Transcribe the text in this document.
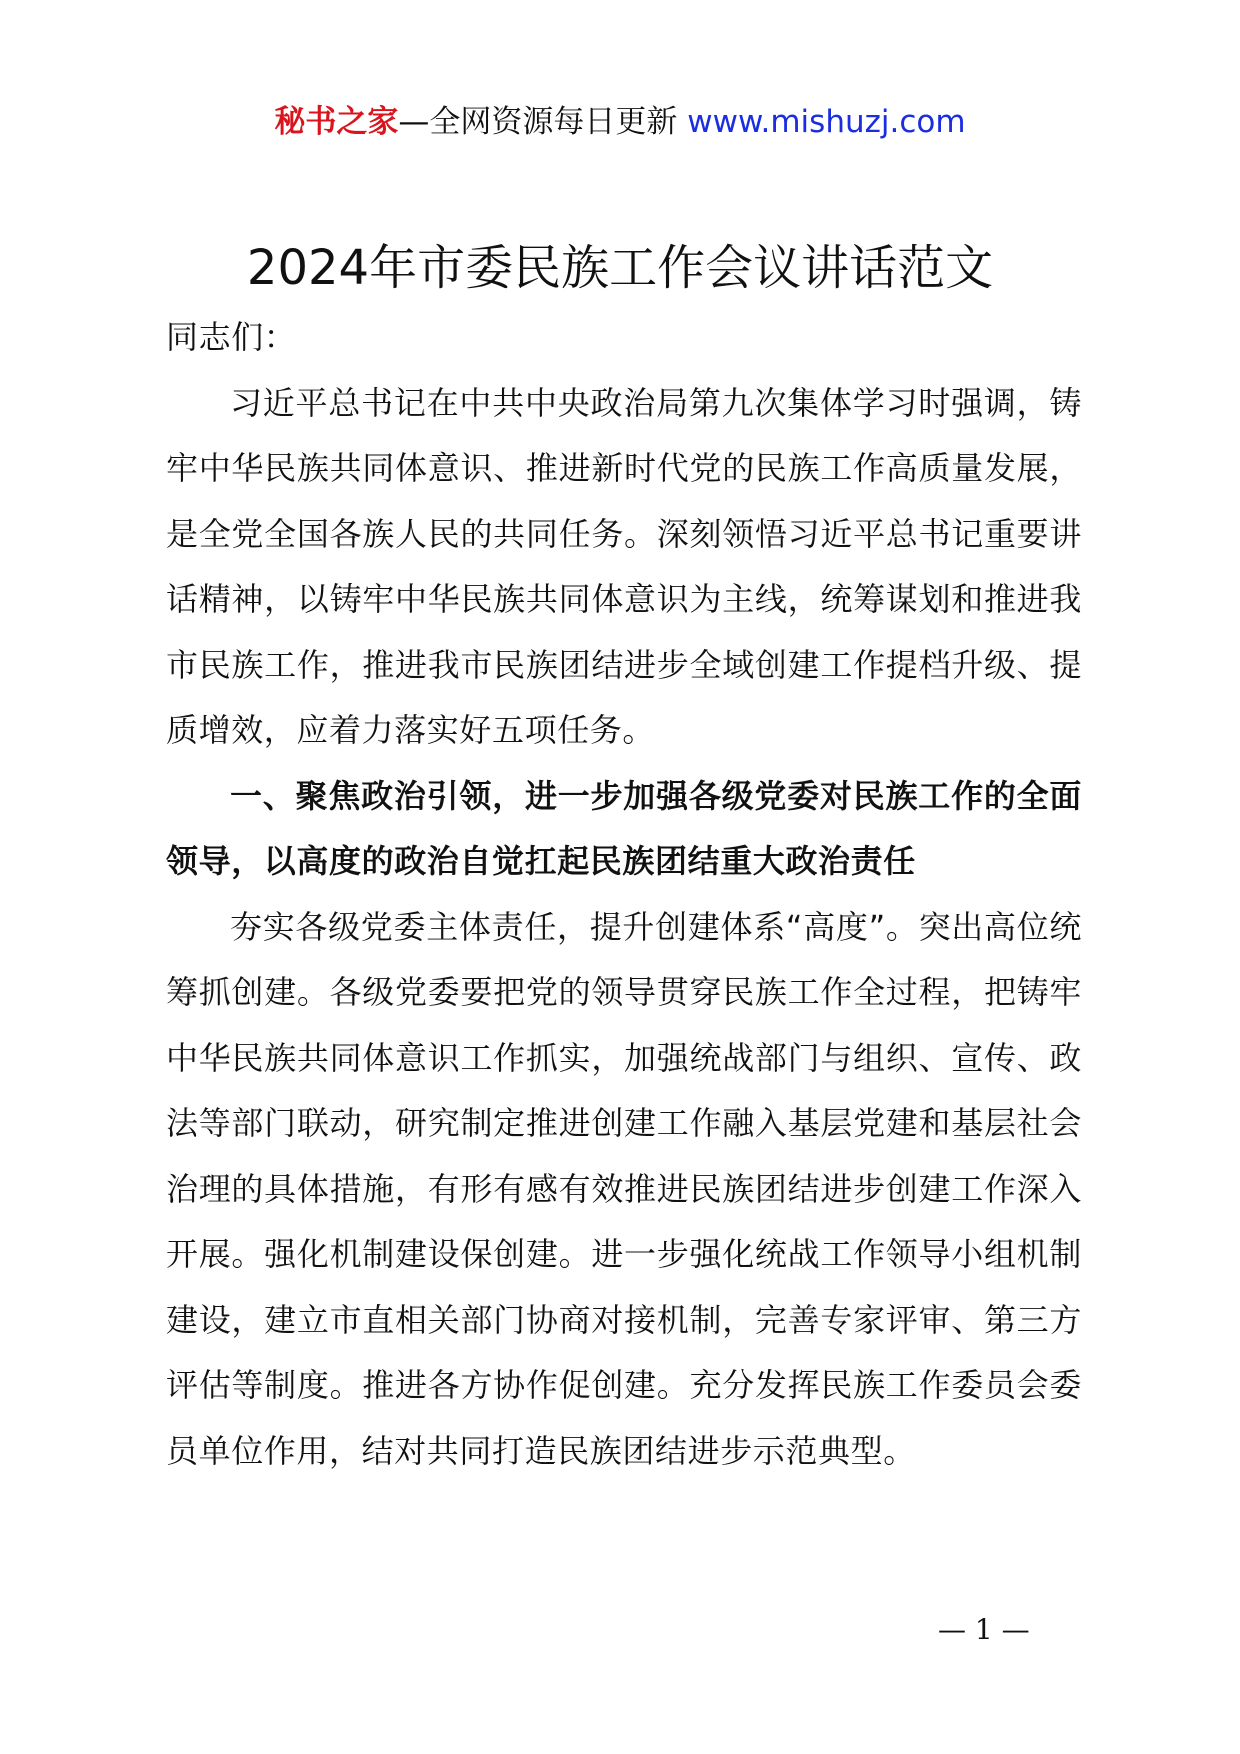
秘书之家—全网资源每日更新 www.mishuzj.com
2024年市委民族工作会议讲话范文

同志们：

习近平总书记在中共中央政治局第九次集体学习时强调，铸牢中华民族共同体意识、推进新时代党的民族工作高质量发展，是全党全国各族人民的共同任务。深刻领悟习近平总书记重要讲话精神，以铸牢中华民族共同体意识为主线，统筹谋划和推进我市民族工作，推进我市民族团结进步全域创建工作提档升级、提质增效，应着力落实好五项任务。

一、聚焦政治引领，进一步加强各级党委对民族工作的全面领导，以高度的政治自觉扛起民族团结重大政治责任

夯实各级党委主体责任，提升创建体系“高度”。突出高位统筹抓创建。各级党委要把党的领导贯穿民族工作全过程，把铸牢中华民族共同体意识工作抓实，加强统战部门与组织、宣传、政法等部门联动，研究制定推进创建工作融入基层党建和基层社会治理的具体措施，有形有感有效推进民族团结进步创建工作深入开展。强化机制建设保创建。进一步强化统战工作领导小组机制建设，建立市直相关部门协商对接机制，完善专家评审、第三方评估等制度。推进各方协作促创建。充分发挥民族工作委员会委员单位作用，结对共同打造民族团结进步示范典型。

— 1 —
